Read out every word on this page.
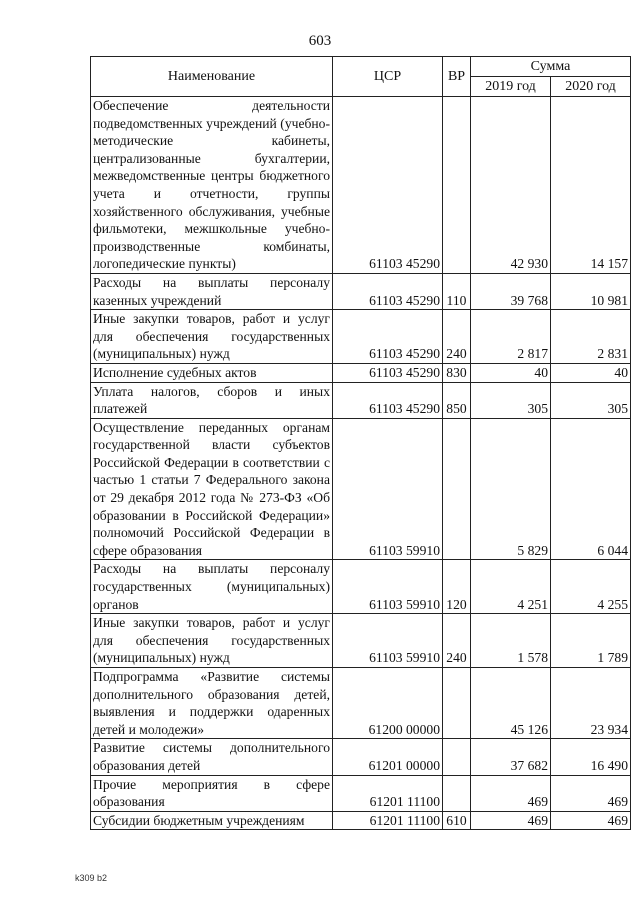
603
Наименование	ЦСР	ВР	Сумма	
			2019 год	2020 год
Обеспечение деятельности подведомственных учреждений (учебно-методические кабинеты, централизованные бухгалтерии, межведомственные центры бюджетного учета и отчетности, группы хозяйственного обслуживания, учебные фильмотеки, межшкольные учебно-производственные комбинаты, логопедические пункты)	61103 45290		42 930	14 157
Расходы на выплаты персоналу казенных учреждений	61103 45290	110	39 768	10 981
Иные закупки товаров, работ и услуг для обеспечения государственных (муниципальных) нужд	61103 45290	240	2 817	2 831
Исполнение судебных актов	61103 45290	830	40	40
Уплата налогов, сборов и иных платежей	61103 45290	850	305	305
Осуществление переданных органам государственной власти субъектов Российской Федерации в соответствии с частью 1 статьи 7 Федерального закона от 29 декабря 2012 года № 273-ФЗ «Об образовании в Российской Федерации» полномочий Российской Федерации в сфере образования	61103 59910		5 829	6 044
Расходы на выплаты персоналу государственных (муниципальных) органов	61103 59910	120	4 251	4 255
Иные закупки товаров, работ и услуг для обеспечения государственных (муниципальных) нужд	61103 59910	240	1 578	1 789
Подпрограмма «Развитие системы дополнительного образования детей, выявления и поддержки одаренных детей и молодежи»	61200 00000		45 126	23 934
Развитие системы дополнительного образования детей	61201 00000		37 682	16 490
Прочие мероприятия в сфере образования	61201 11100		469	469
Субсидии бюджетным учреждениям	61201 11100	610	469	469
k309 b2
